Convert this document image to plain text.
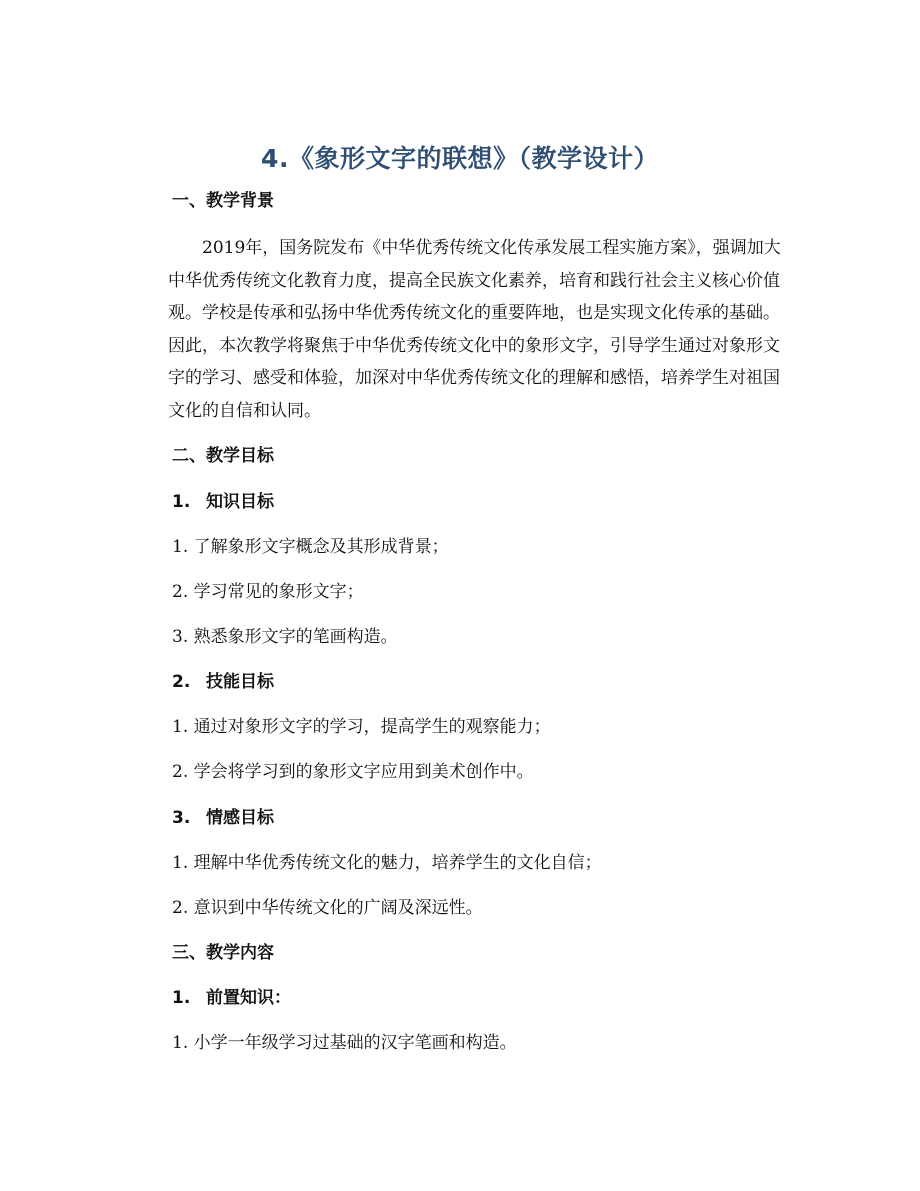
4.《象形文字的联想》（教学设计）
一、教学背景
　　2019年，国务院发布《中华优秀传统文化传承发展工程实施方案》，强调加大
中华优秀传统文化教育力度，提高全民族文化素养，培育和践行社会主义核心价值
观。学校是传承和弘扬中华优秀传统文化的重要阵地，也是实现文化传承的基础。
因此，本次教学将聚焦于中华优秀传统文化中的象形文字，引导学生通过对象形文
字的学习、感受和体验，加深对中华优秀传统文化的理解和感悟，培养学生对祖国
文化的自信和认同。
二、教学目标
1. 知识目标
1. 了解象形文字概念及其形成背景；
2. 学习常见的象形文字；
3. 熟悉象形文字的笔画构造。
2. 技能目标
1. 通过对象形文字的学习，提高学生的观察能力；
2. 学会将学习到的象形文字应用到美术创作中。
3. 情感目标
1. 理解中华优秀传统文化的魅力，培养学生的文化自信；
2. 意识到中华传统文化的广阔及深远性。
三、教学内容
1. 前置知识：
1. 小学一年级学习过基础的汉字笔画和构造。
